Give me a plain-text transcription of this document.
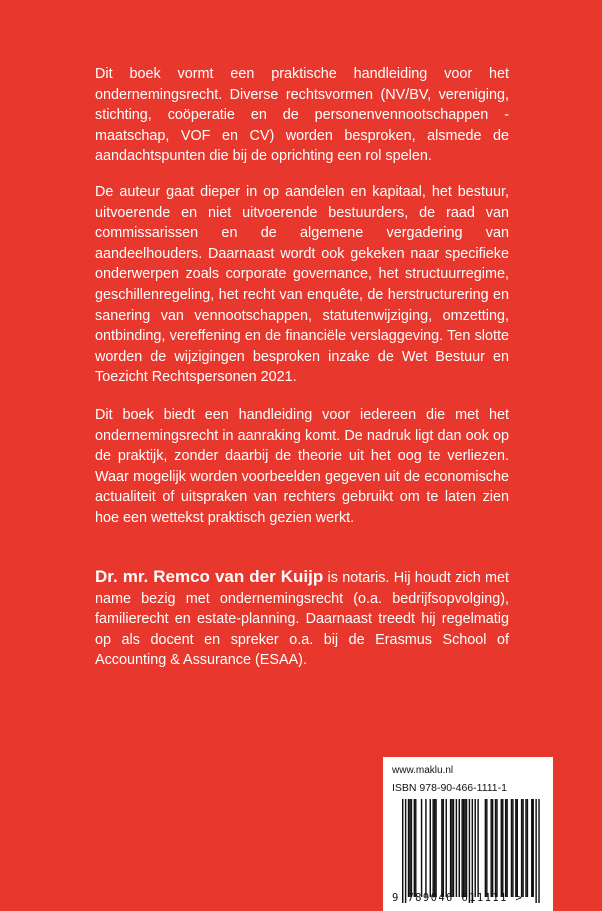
Dit boek vormt een praktische handleiding voor het ondernemingsrecht. Diverse rechtsvormen (NV/BV, vereniging, stichting, coöperatie en de personenvennootschappen - maatschap, VOF en CV) worden besproken, alsmede de aandachtspunten die bij de oprichting een rol spelen.
De auteur gaat dieper in op aandelen en kapitaal, het bestuur, uitvoerende en niet uitvoerende bestuurders, de raad van commissarissen en de algemene vergadering van aandeelhouders. Daarnaast wordt ook gekeken naar specifieke onderwerpen zoals corporate governance, het structuurregime, geschillenregeling, het recht van enquête, de herstructurering en sanering van vennootschappen, statutenwijziging, omzetting, ontbinding, vereffening en de financiële verslaggeving. Ten slotte worden de wijzigingen besproken inzake de Wet Bestuur en Toezicht Rechtspersonen 2021.
Dit boek biedt een handleiding voor iedereen die met het ondernemingsrecht in aanraking komt. De nadruk ligt dan ook op de praktijk, zonder daarbij de theorie uit het oog te verliezen. Waar mogelijk worden voorbeelden gegeven uit de economische actualiteit of uitspraken van rechters gebruikt om te laten zien hoe een wettekst praktisch gezien werkt.
Dr. mr. Remco van der Kuijp is notaris. Hij houdt zich met name bezig met ondernemingsrecht (o.a. bedrijfsopvolging), familierecht en estate-planning. Daarnaast treedt hij regelmatig op als docent en spreker o.a. bij de Erasmus School of Accounting & Assurance (ESAA).
www.maklu.nl
ISBN 978-90-466-1111-1
9 789046 611111 >
